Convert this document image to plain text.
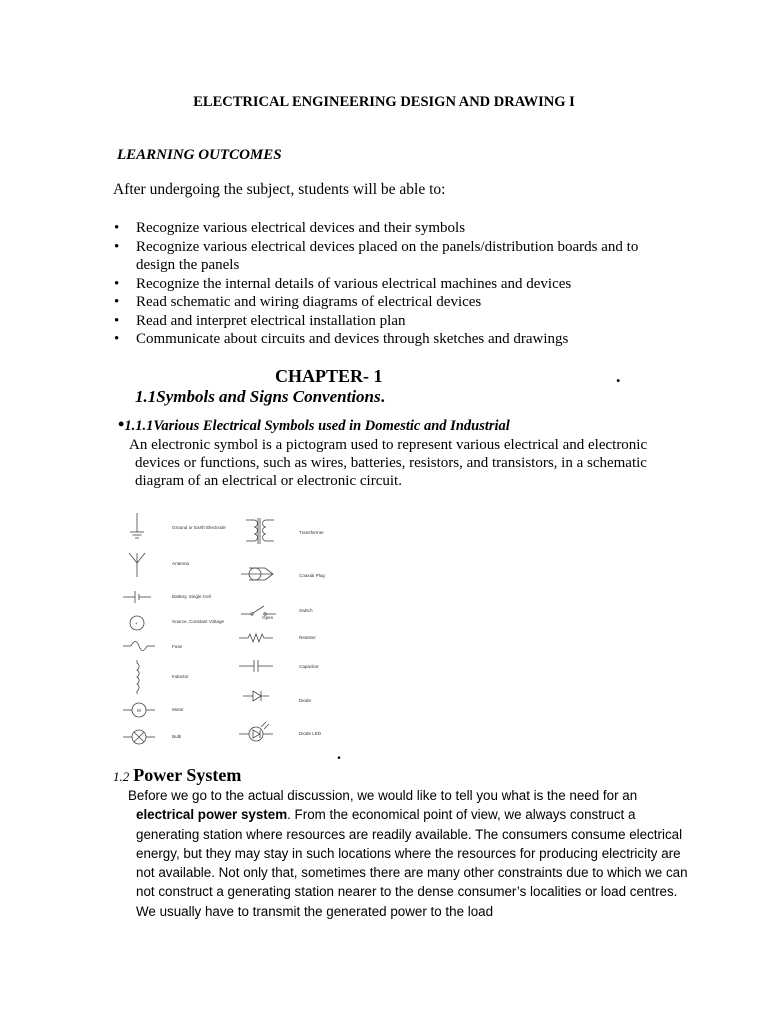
ELECTRICAL ENGINEERING DESIGN AND DRAWING I
LEARNING OUTCOMES
After undergoing the subject, students will be able to:
• Recognize various electrical devices and their symbols
• Recognize various electrical devices placed on the panels/distribution boards and to design the panels
• Recognize the internal details of various electrical machines and devices
• Read schematic and wiring diagrams of electrical devices
• Read and interpret electrical installation plan
• Communicate about circuits and devices through sketches and drawings
CHAPTER- 1	.
1.1Symbols and Signs Conventions.
•1.1.1Various Electrical Symbols used in Domestic and Industrial
An electronic symbol is a pictogram used to represent various electrical and electronic
devices or functions, such as wires, batteries, resistors, and transistors, in a schematic diagram of an electrical or electronic circuit.
+
M
Open
Ground or Earth Electrode
Antenna
Battery, Single Cell
Source, Constant Voltage
Fuse
Inductor
Motor
Bulb
Transformer
Coaxial Plug
Switch
Resistor
Capacitor
Diode
Diode LED
.
1.2 Power System
Before we go to the actual discussion, we would like to tell you what is the need for an
electrical power system. From the economical point of view, we always construct a generating station where resources are readily available. The consumers consume electrical energy, but they may stay in such locations where the resources for producing electricity are not available. Not only that, sometimes there are many other constraints due to which we can not construct a generating station nearer to the dense consumer’s localities or load centres. We usually have to transmit the generated power to the load
